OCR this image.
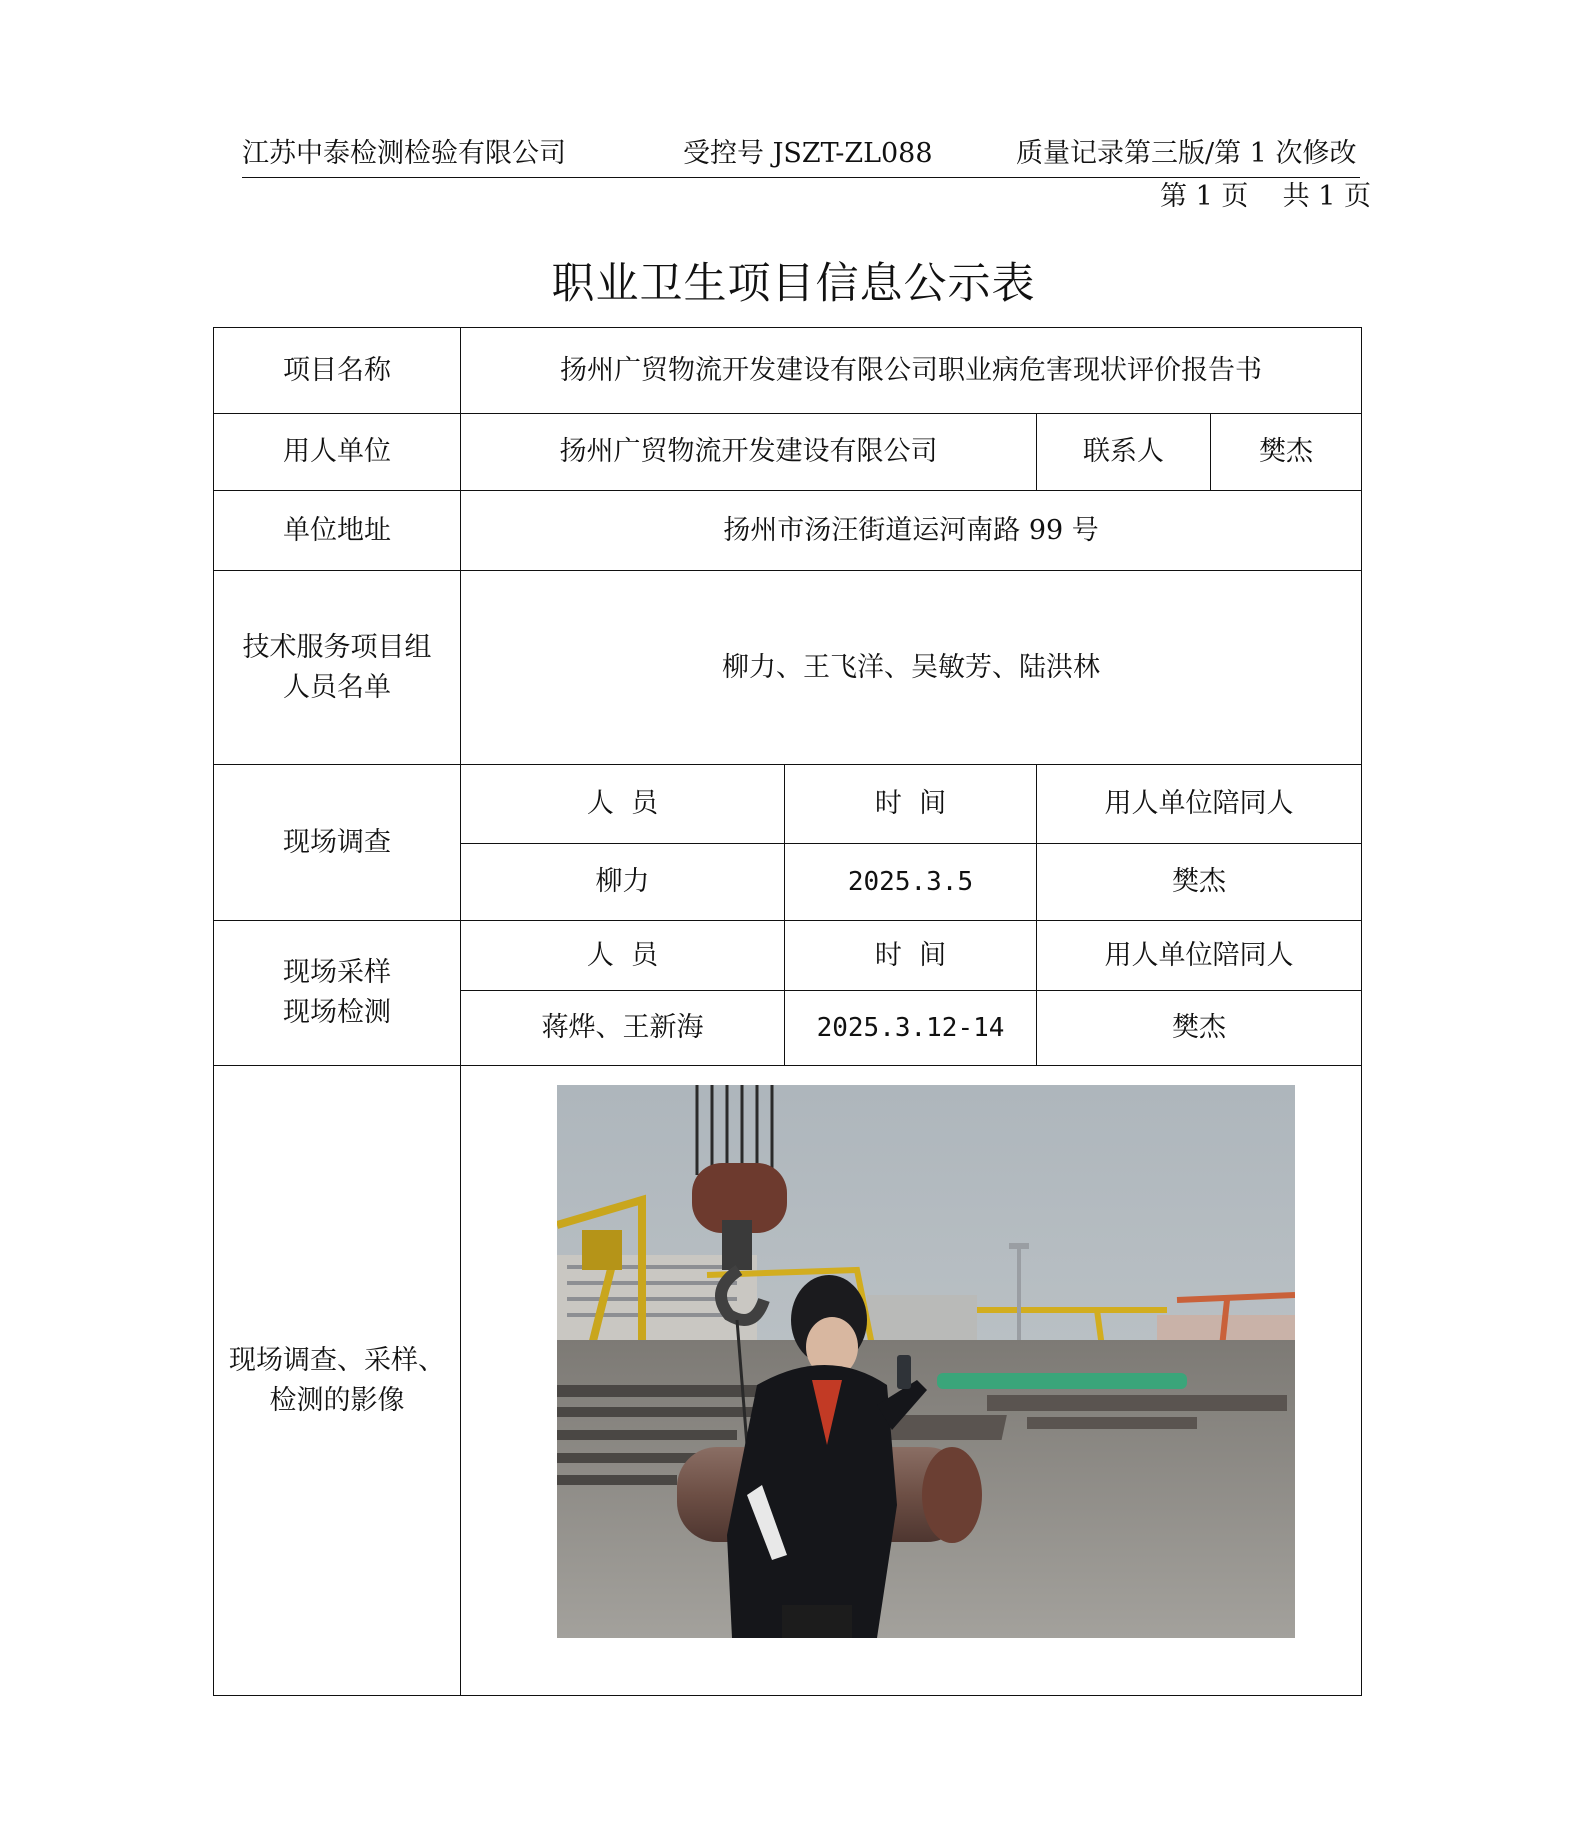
江苏中泰检测检验有限公司	受控号 JSZT-ZL088	质量记录第三版/第 1 次修改
第 1 页    共 1 页
职业卫生项目信息公示表
项目名称	扬州广贸物流开发建设有限公司职业病危害现状评价报告书			
用人单位	扬州广贸物流开发建设有限公司		联系人	樊杰
单位地址	扬州市汤汪街道运河南路 99 号			

技术服务项目组
人员名单	柳力、王飞洋、吴敏芳、陆洪林			
现场调查	人  员	时  间	用人单位陪同人	
	柳力	2025.3.5	樊杰	

现场采样
现场检测	人  员	时  间	用人单位陪同人	
	蒋烨、王新海	2025.3.12-14	樊杰	

现场调查、采样、
检测的影像				
